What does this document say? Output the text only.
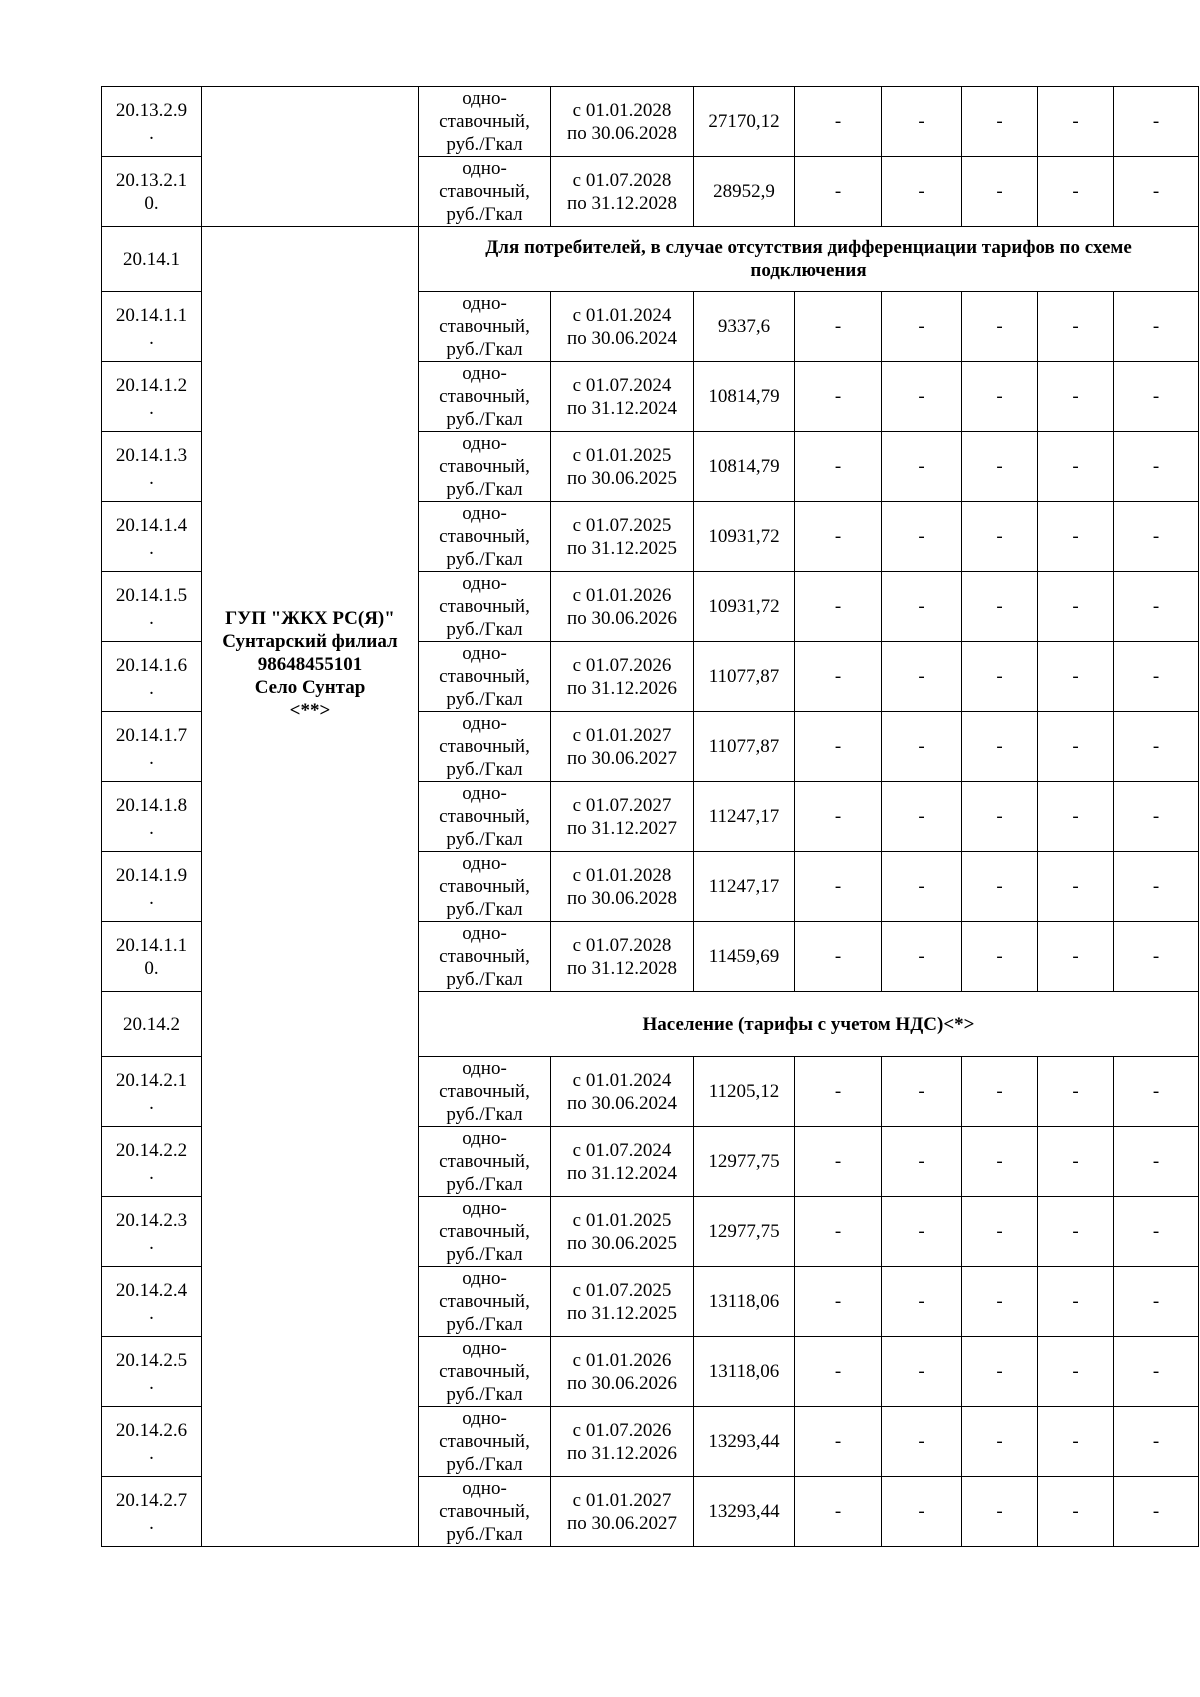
20.13.2.9
.		одно-
ставочный,
руб./Гкал	с 01.01.2028
по 30.06.2028	27170,12	-	-	-	-	-

20.13.2.1
0.		одно-
ставочный,
руб./Гкал	с 01.07.2028
по 31.12.2028	28952,9	-	-	-	-	-

20.14.1	ГУП "ЖКХ РС(Я)"
Сунтарский филиал
98648455101
Село Сунтар
<**>	Для потребителей, в случае отсутствия дифференциации тарифов по схеме подключения							

20.14.1.1
.		одно-
ставочный,
руб./Гкал	с 01.01.2024
по 30.06.2024	9337,6	-	-	-	-	-

20.14.1.2
.		одно-
ставочный,
руб./Гкал	с 01.07.2024
по 31.12.2024	10814,79	-	-	-	-	-

20.14.1.3
.		одно-
ставочный,
руб./Гкал	с 01.01.2025
по 30.06.2025	10814,79	-	-	-	-	-

20.14.1.4
.		одно-
ставочный,
руб./Гкал	с 01.07.2025
по 31.12.2025	10931,72	-	-	-	-	-

20.14.1.5
.		одно-
ставочный,
руб./Гкал	с 01.01.2026
по 30.06.2026	10931,72	-	-	-	-	-

20.14.1.6
.		одно-
ставочный,
руб./Гкал	с 01.07.2026
по 31.12.2026	11077,87	-	-	-	-	-

20.14.1.7
.		одно-
ставочный,
руб./Гкал	с 01.01.2027
по 30.06.2027	11077,87	-	-	-	-	-

20.14.1.8
.		одно-
ставочный,
руб./Гкал	с 01.07.2027
по 31.12.2027	11247,17	-	-	-	-	-

20.14.1.9
.		одно-
ставочный,
руб./Гкал	с 01.01.2028
по 30.06.2028	11247,17	-	-	-	-	-

20.14.1.1
0.		одно-
ставочный,
руб./Гкал	с 01.07.2028
по 31.12.2028	11459,69	-	-	-	-	-

20.14.2		Население (тарифы с учетом НДС)<*>							

20.14.2.1
.		одно-
ставочный,
руб./Гкал	с 01.01.2024
по 30.06.2024	11205,12	-	-	-	-	-

20.14.2.2
.		одно-
ставочный,
руб./Гкал	с 01.07.2024
по 31.12.2024	12977,75	-	-	-	-	-

20.14.2.3
.		одно-
ставочный,
руб./Гкал	с 01.01.2025
по 30.06.2025	12977,75	-	-	-	-	-

20.14.2.4
.		одно-
ставочный,
руб./Гкал	с 01.07.2025
по 31.12.2025	13118,06	-	-	-	-	-

20.14.2.5
.		одно-
ставочный,
руб./Гкал	с 01.01.2026
по 30.06.2026	13118,06	-	-	-	-	-

20.14.2.6
.		одно-
ставочный,
руб./Гкал	с 01.07.2026
по 31.12.2026	13293,44	-	-	-	-	-

20.14.2.7
.		одно-
ставочный,
руб./Гкал	с 01.01.2027
по 30.06.2027	13293,44	-	-	-	-	-
